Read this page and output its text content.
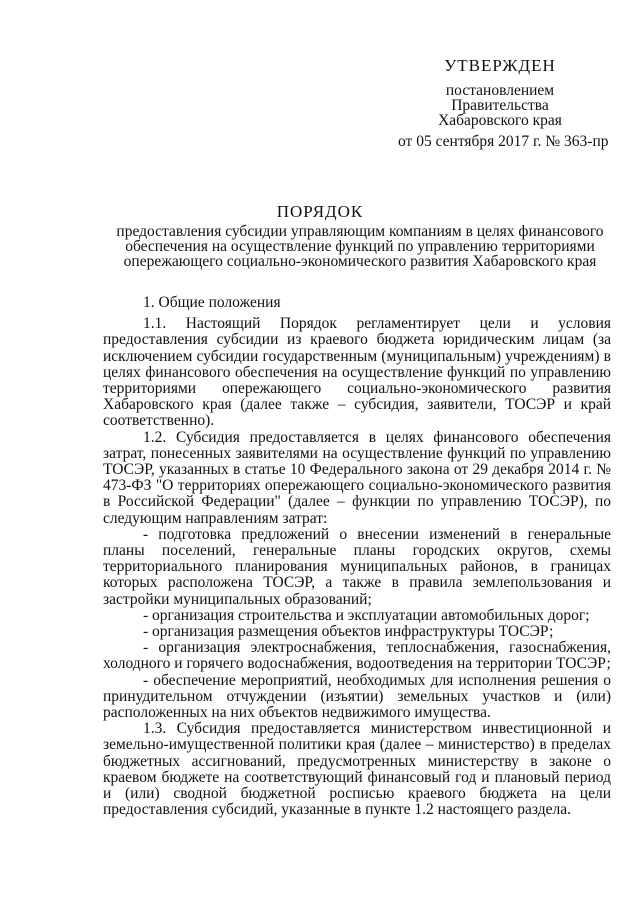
УТВЕРЖДЕН
постановлением
Правительства
Хабаровского края
от 05 сентября 2017 г. № 363-пр
ПОРЯДОК
предоставления субсидии управляющим компаниям в целях финансового обеспечения на осуществление функций по управлению территориями опережающего социально-экономического развития Хабаровского края

1. Общие положения

1.1. Настоящий Порядок регламентирует цели и условия предоставления субсидии из краевого бюджета юридическим лицам (за исключением субсидии государственным (муниципальным) учреждениям) в целях финансового обеспечения на осуществление функций по управлению территориями опережающего социально-экономического развития Хабаровского края (далее также – субсидия, заявители, ТОСЭР и край соответственно).

1.2. Субсидия предоставляется в целях финансового обеспечения затрат, понесенных заявителями на осуществление функций по управлению ТОСЭР, указанных в статье 10 Федерального закона от 29 декабря 2014 г. № 473-ФЗ "О территориях опережающего социально-экономического развития в Российской Федерации" (далее – функции по управлению ТОСЭР), по следующим направлениям затрат:

- подготовка предложений о внесении изменений в генеральные планы поселений, генеральные планы городских округов, схемы территориального планирования муниципальных районов, в границах которых расположена ТОСЭР, а также в правила землепользования и застройки муниципальных образований;

- организация строительства и эксплуатации автомобильных дорог;

- организация размещения объектов инфраструктуры ТОСЭР;

- организация электроснабжения, теплоснабжения, газоснабжения, холодного и горячего водоснабжения, водоотведения на территории ТОСЭР;

- обеспечение мероприятий, необходимых для исполнения решения о принудительном отчуждении (изъятии) земельных участков и (или) расположенных на них объектов недвижимого имущества.

1.3. Субсидия предоставляется министерством инвестиционной и земельно-имущественной политики края (далее – министерство) в пределах бюджетных ассигнований, предусмотренных министерству в законе о краевом бюджете на соответствующий финансовый год и плановый период и (или) сводной бюджетной росписью краевого бюджета на цели предоставления субсидий, указанные в пункте 1.2 настоящего раздела.
